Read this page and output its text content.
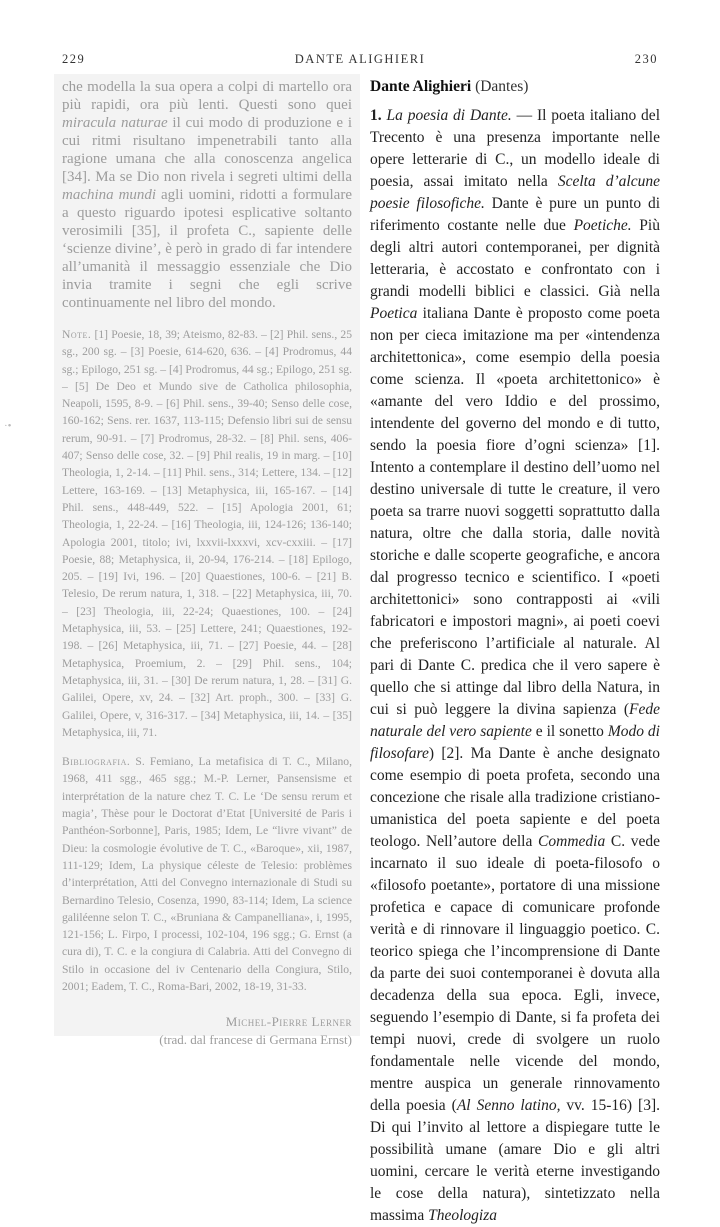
229	DANTE ALIGHIERI	230
·•

che modella la sua opera a colpi di martello ora più rapidi, ora più lenti. Questi sono quei miracula naturae il cui modo di produzione e i cui ritmi risultano impenetrabili tanto alla ragione umana che alla conoscenza angelica [34]. Ma se Dio non rivela i segreti ultimi della machina mundi agli uomini, ridotti a formulare a questo riguardo ipotesi esplicative soltanto verosimili [35], il profeta C., sapiente delle ‘scienze divine’, è però in grado di far intendere all’umanità il messaggio essenziale che Dio invia tramite i segni che egli scrive continuamente nel libro del mondo.

Note. [1] Poesie, 18, 39; Ateismo, 82-83. – [2] Phil. sens., 25 sg., 200 sg. – [3] Poesie, 614-620, 636. – [4] Prodromus, 44 sg.; Epilogo, 251 sg. – [4] Prodromus, 44 sg.; Epilogo, 251 sg. – [5] De Deo et Mundo sive de Catholica philosophia, Neapoli, 1595, 8-9. – [6] Phil. sens., 39-40; Senso delle cose, 160-162; Sens. rer. 1637, 113-115; Defensio libri sui de sensu rerum, 90-91. – [7] Prodromus, 28-32. – [8] Phil. sens, 406-407; Senso delle cose, 32. – [9] Phil realis, 19 in marg. – [10] Theologia, 1, 2-14. – [11] Phil. sens., 314; Lettere, 134. – [12] Lettere, 163-169. – [13] Metaphysica, iii, 165-167. – [14] Phil. sens., 448-449, 522. – [15] Apologia 2001, 61; Theologia, 1, 22-24. – [16] Theologia, iii, 124-126; 136-140; Apologia 2001, titolo; ivi, lxxvii-lxxxvi, xcv-cxxiii. – [17] Poesie, 88; Metaphysica, ii, 20-94, 176-214. – [18] Epilogo, 205. – [19] Ivi, 196. – [20] Quaestiones, 100-6. – [21] B. Telesio, De rerum natura, 1, 318. – [22] Metaphysica, iii, 70. – [23] Theologia, iii, 22-24; Quaestiones, 100. – [24] Metaphysica, iii, 53. – [25] Lettere, 241; Quaestiones, 192-198. – [26] Metaphysica, iii, 71. – [27] Poesie, 44. – [28] Metaphysica, Proemium, 2. – [29] Phil. sens., 104; Metaphysica, iii, 31. – [30] De rerum natura, 1, 28. – [31] G. Galilei, Opere, xv, 24. – [32] Art. proph., 300. – [33] G. Galilei, Opere, v, 316-317. – [34] Metaphysica, iii, 14. – [35] Metaphysica, iii, 71.

Bibliografia. S. Femiano, La metafisica di T. C., Milano, 1968, 411 sgg., 465 sgg.; M.-P. Lerner, Pansensisme et interprétation de la nature chez T. C. Le ‘De sensu rerum et magia’, Thèse pour le Doctorat d’Etat [Université de Paris i Panthéon-Sorbonne], Paris, 1985; Idem, Le “livre vivant” de Dieu: la cosmologie évolutive de T. C., «Baroque», xii, 1987, 111-129; Idem, La physique céleste de Telesio: problèmes d’interprétation, Atti del Convegno internazionale di Studi su Bernardino Telesio, Cosenza, 1990, 83-114; Idem, La science galiléenne selon T. C., «Bruniana & Campanelliana», i, 1995, 121-156; L. Firpo, I processi, 102-104, 196 sgg.; G. Ernst (a cura di), T. C. e la congiura di Calabria. Atti del Convegno di Stilo in occasione del iv Centenario della Congiura, Stilo, 2001; Eadem, T. C., Roma-Bari, 2002, 18-19, 31-33.

Michel-Pierre Lerner
(trad. dal francese di Germana Ernst)

Dante Alighieri (Dantes)

1. La poesia di Dante. — Il poeta italiano del Trecento è una presenza importante nelle opere letterarie di C., un modello ideale di poesia, assai imitato nella Scelta d’alcune poesie filosofiche. Dante è pure un punto di riferimento costante nelle due Poetiche. Più degli altri autori contemporanei, per dignità letteraria, è accostato e confrontato con i grandi modelli biblici e classici. Già nella Poetica italiana Dante è proposto come poeta non per cieca imitazione ma per «intendenza architettonica», come esempio della poesia come scienza. Il «poeta architettonico» è «amante del vero Iddio e del prossimo, intendente del governo del mondo e di tutto, sendo la poesia fiore d’ogni scienza» [1]. Intento a contemplare il destino dell’uomo nel destino universale di tutte le creature, il vero poeta sa trarre nuovi soggetti soprattutto dalla natura, oltre che dalla storia, dalle novità storiche e dalle scoperte geografiche, e ancora dal progresso tecnico e scientifico. I «poeti architettonici» sono contrapposti ai «vili fabricatori e impostori magni», ai poeti coevi che preferiscono l’artificiale al naturale. Al pari di Dante C. predica che il vero sapere è quello che si attinge dal libro della Natura, in cui si può leggere la divina sapienza (Fede naturale del vero sapiente e il sonetto Modo di filosofare) [2]. Ma Dante è anche designato come esempio di poeta profeta, secondo una concezione che risale alla tradizione cristiano-umanistica del poeta sapiente e del poeta teologo. Nell’autore della Commedia C. vede incarnato il suo ideale di poeta-filosofo o «filosofo poetante», portatore di una missione profetica e capace di comunicare profonde verità e di rinnovare il linguaggio poetico. C. teorico spiega che l’incomprensione di Dante da parte dei suoi contemporanei è dovuta alla decadenza della sua epoca. Egli, invece, seguendo l’esempio di Dante, si fa profeta dei tempi nuovi, crede di svolgere un ruolo fondamentale nelle vicende del mondo, mentre auspica un generale rinnovamento della poesia (Al Senno latino, vv. 15-16) [3]. Di qui l’invito al lettore a dispiegare tutte le possibilità umane (amare Dio e gli altri uomini, cercare le verità eterne investigando le cose della natura), sintetizzato nella massima Theologiza
